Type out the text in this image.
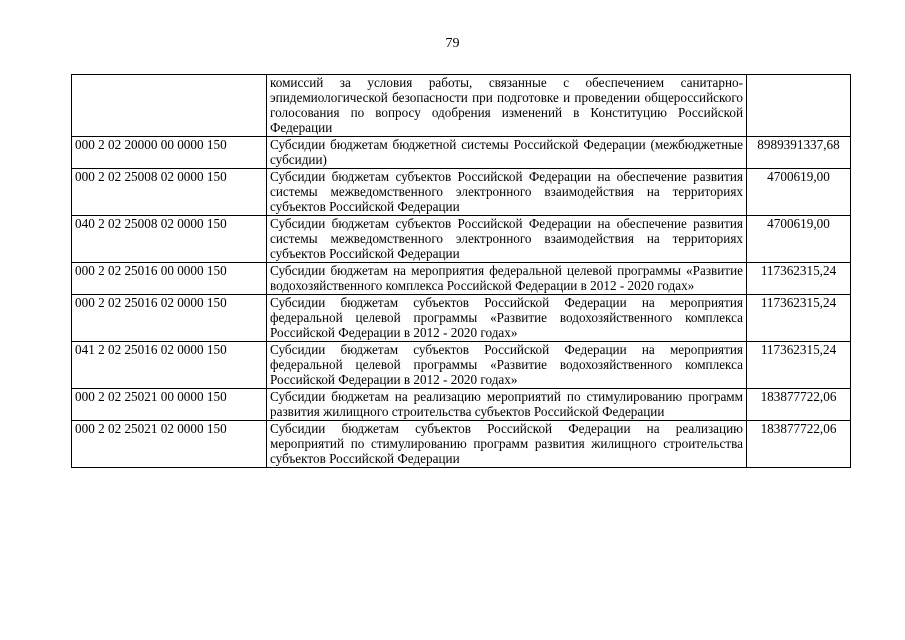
79
	комиссий за условия работы, связанные с обеспечением санитарно-эпидемиологической безопасности при подготовке и проведении общероссийского голосования по вопросу одобрения изменений в Конституцию Российской Федерации	
000 2 02 20000 00 0000 150	Субсидии бюджетам бюджетной системы Российской Федерации (межбюджетные субсидии)	8989391337,68
000 2 02 25008 02 0000 150	Субсидии бюджетам субъектов Российской Федерации на обеспечение развития системы межведомственного электронного взаимодействия на территориях субъектов Российской Федерации	4700619,00
040 2 02 25008 02 0000 150	Субсидии бюджетам субъектов Российской Федерации на обеспечение развития системы межведомственного электронного взаимодействия на территориях субъектов Российской Федерации	4700619,00
000 2 02 25016 00 0000 150	Субсидии бюджетам на мероприятия федеральной целевой программы «Развитие водохозяйственного комплекса Российской Федерации в 2012 - 2020 годах»	117362315,24
000 2 02 25016 02 0000 150	Субсидии бюджетам субъектов Российской Федерации на мероприятия федеральной целевой программы «Развитие водохозяйственного комплекса Российской Федерации в 2012 - 2020 годах»	117362315,24
041 2 02 25016 02 0000 150	Субсидии бюджетам субъектов Российской Федерации на мероприятия федеральной целевой программы «Развитие водохозяйственного комплекса Российской Федерации в 2012 - 2020 годах»	117362315,24
000 2 02 25021 00 0000 150	Субсидии бюджетам на реализацию мероприятий по стимулированию программ развития жилищного строительства субъектов Российской Федерации	183877722,06
000 2 02 25021 02 0000 150	Субсидии бюджетам субъектов Российской Федерации на реализацию мероприятий по стимулированию программ развития жилищного строительства субъектов Российской Федерации	183877722,06
